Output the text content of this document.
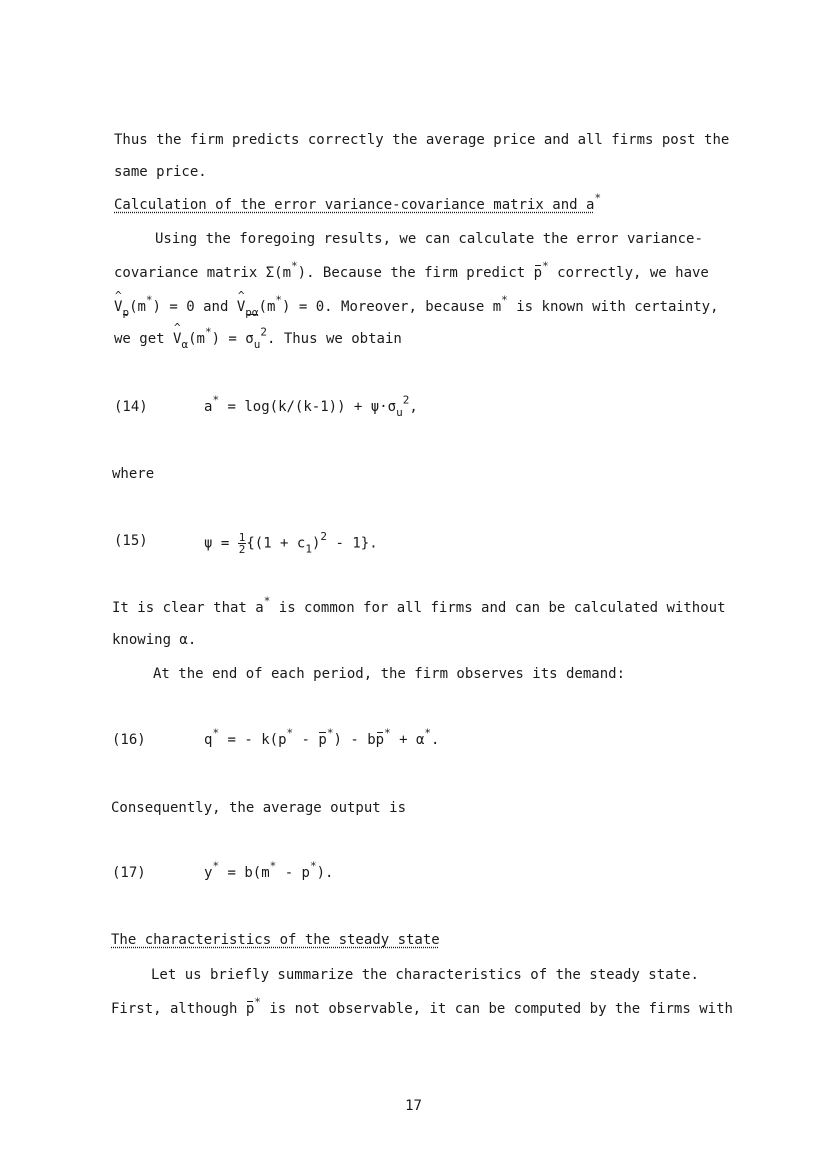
Thus the firm predicts correctly the average price and all firms post the
same price.
Calculation of the error variance-covariance matrix and a*
Using the foregoing results, we can calculate the error variance-
covariance matrix Σ(m*). Because the firm predict p* correctly, we have
^ $V_p(m^*) = 0$ and ^ $V_{p\alpha}(m^*) = 0$. Moreover, because m* is known with certainty,
we get ^ $V_\alpha(m^*) = \sigma_u^2$. Thus we obtain
(14)	$a^* = \log(k/(k-1)) + \psi\cdot\sigma_u^2$,
where
(15)	$\psi = \frac{1}{2} \{(1 + c_1)^2 - 1\}$.
It is clear that a* is common for all firms and can be calculated without
knowing α.
At the end of each period, the firm observes its demand:
(16)	q* = - k(p* - p*) - bp* + α*.
Consequently, the average output is
(17)	y* = b(m* - p*).
The characteristics of the steady state
Let us briefly summarize the characteristics of the steady state.
First, although p* is not observable, it can be computed by the firms with
17
